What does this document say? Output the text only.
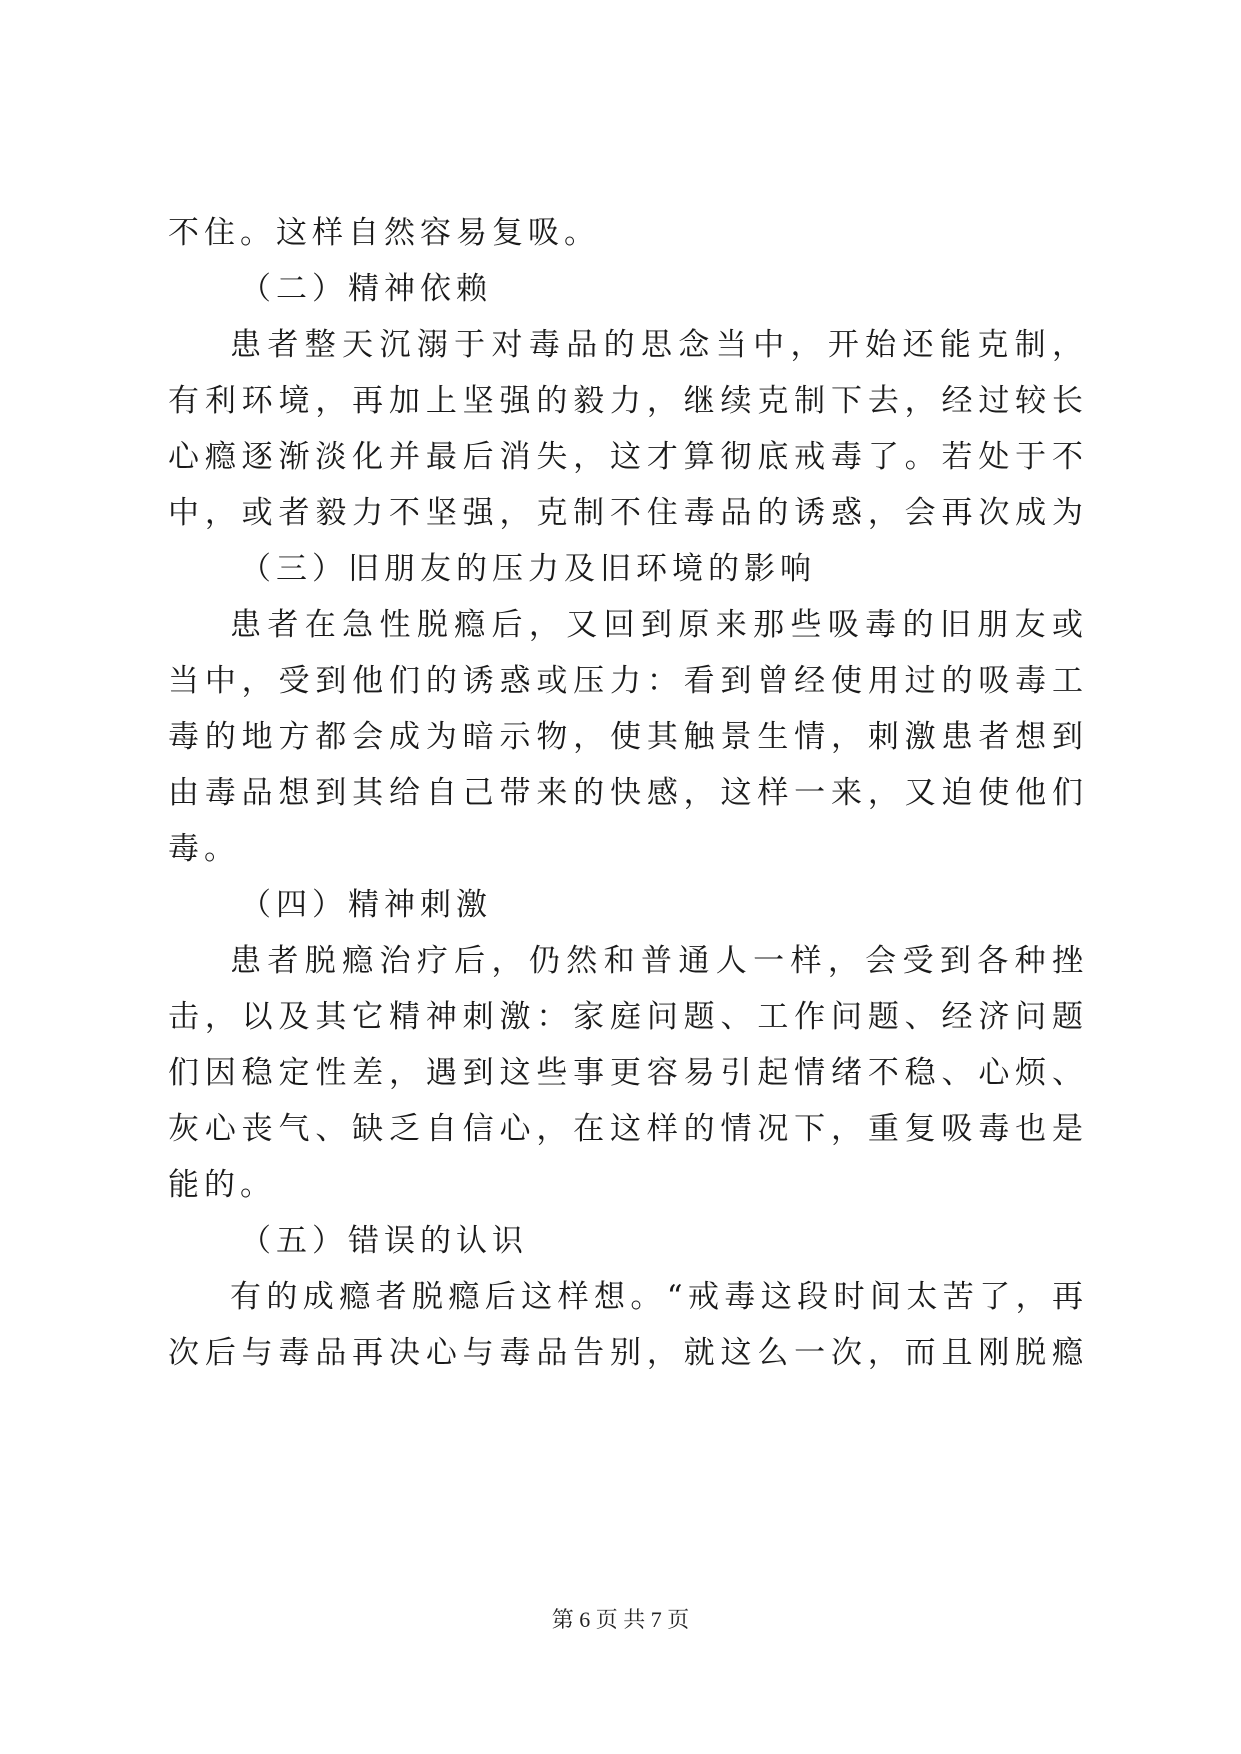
不住。这样自然容易复吸。
（二）精神依赖
患者整天沉溺于对毒品的思念当中，开始还能克制，
有利环境，再加上坚强的毅力，继续克制下去，经过较长
心瘾逐渐淡化并最后消失，这才算彻底戒毒了。若处于不
中，或者毅力不坚强，克制不住毒品的诱惑，会再次成为
（三）旧朋友的压力及旧环境的影响
患者在急性脱瘾后，又回到原来那些吸毒的旧朋友或
当中，受到他们的诱惑或压力：看到曾经使用过的吸毒工
毒的地方都会成为暗示物，使其触景生情，刺激患者想到
由毒品想到其给自己带来的快感，这样一来，又迫使他们
毒。
（四）精神刺激
患者脱瘾治疗后，仍然和普通人一样，会受到各种挫
击，以及其它精神刺激：家庭问题、工作问题、经济问题
们因稳定性差，遇到这些事更容易引起情绪不稳、心烦、
灰心丧气、缺乏自信心，在这样的情况下，重复吸毒也是
能的。
（五）错误的认识
有的成瘾者脱瘾后这样想。“戒毒这段时间太苦了，再
次后与毒品再决心与毒品告别，就这么一次，而且刚脱瘾
第 6 页 共 7 页
